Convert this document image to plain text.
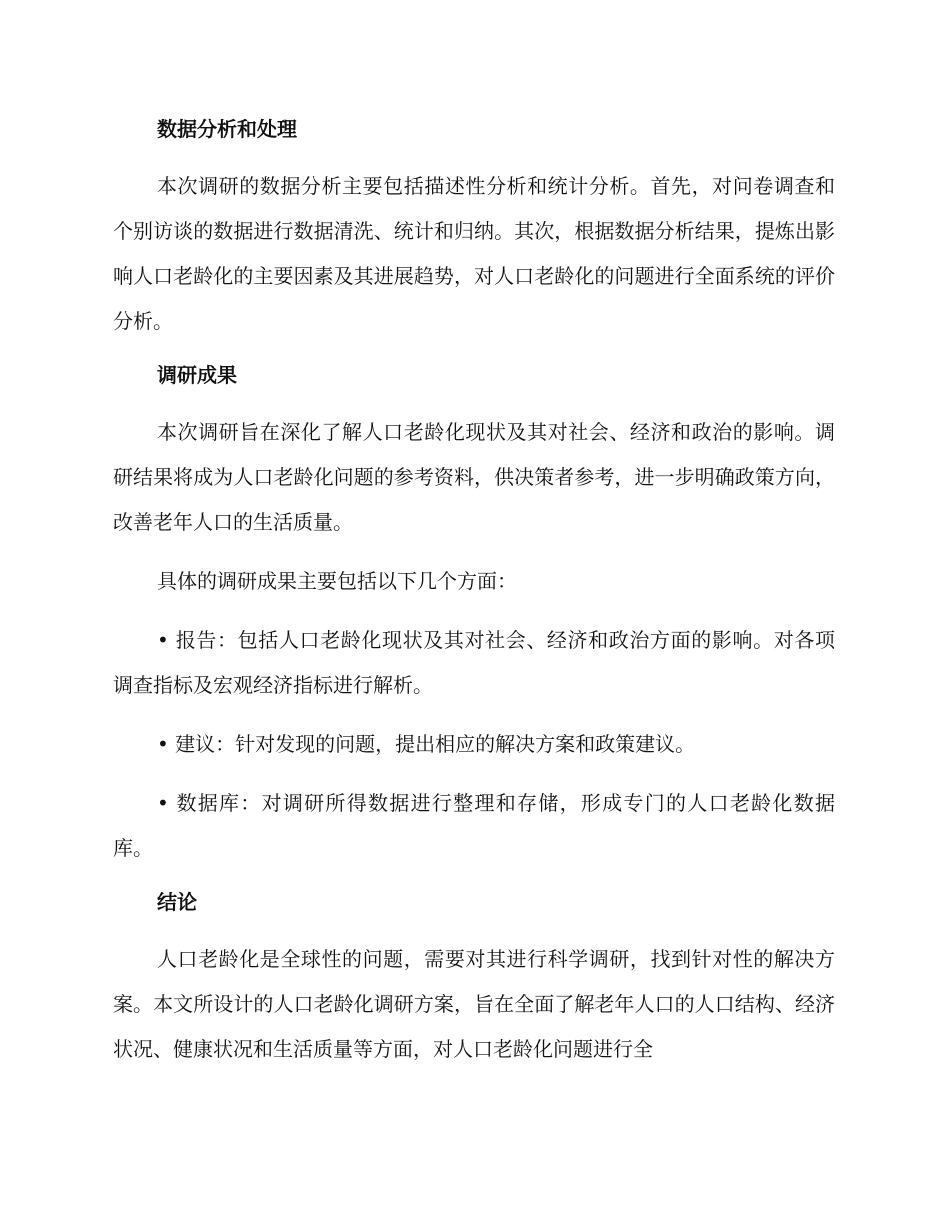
数据分析和处理

本次调研的数据分析主要包括描述性分析和统计分析。首先，对问卷调查和个别访谈的数据进行数据清洗、统计和归纳。其次，根据数据分析结果，提炼出影响人口老龄化的主要因素及其进展趋势，对人口老龄化的问题进行全面系统的评价分析。

调研成果

本次调研旨在深化了解人口老龄化现状及其对社会、经济和政治的影响。调研结果将成为人口老龄化问题的参考资料，供决策者参考，进一步明确政策方向，改善老年人口的生活质量。

具体的调研成果主要包括以下几个方面：

• 报告：包括人口老龄化现状及其对社会、经济和政治方面的影响。对各项调查指标及宏观经济指标进行解析。

• 建议：针对发现的问题，提出相应的解决方案和政策建议。

• 数据库：对调研所得数据进行整理和存储，形成专门的人口老龄化数据库。

结论

人口老龄化是全球性的问题，需要对其进行科学调研，找到针对性的解决方案。本文所设计的人口老龄化调研方案，旨在全面了解老年人口的人口结构、经济状况、健康状况和生活质量等方面，对人口老龄化问题进行全
